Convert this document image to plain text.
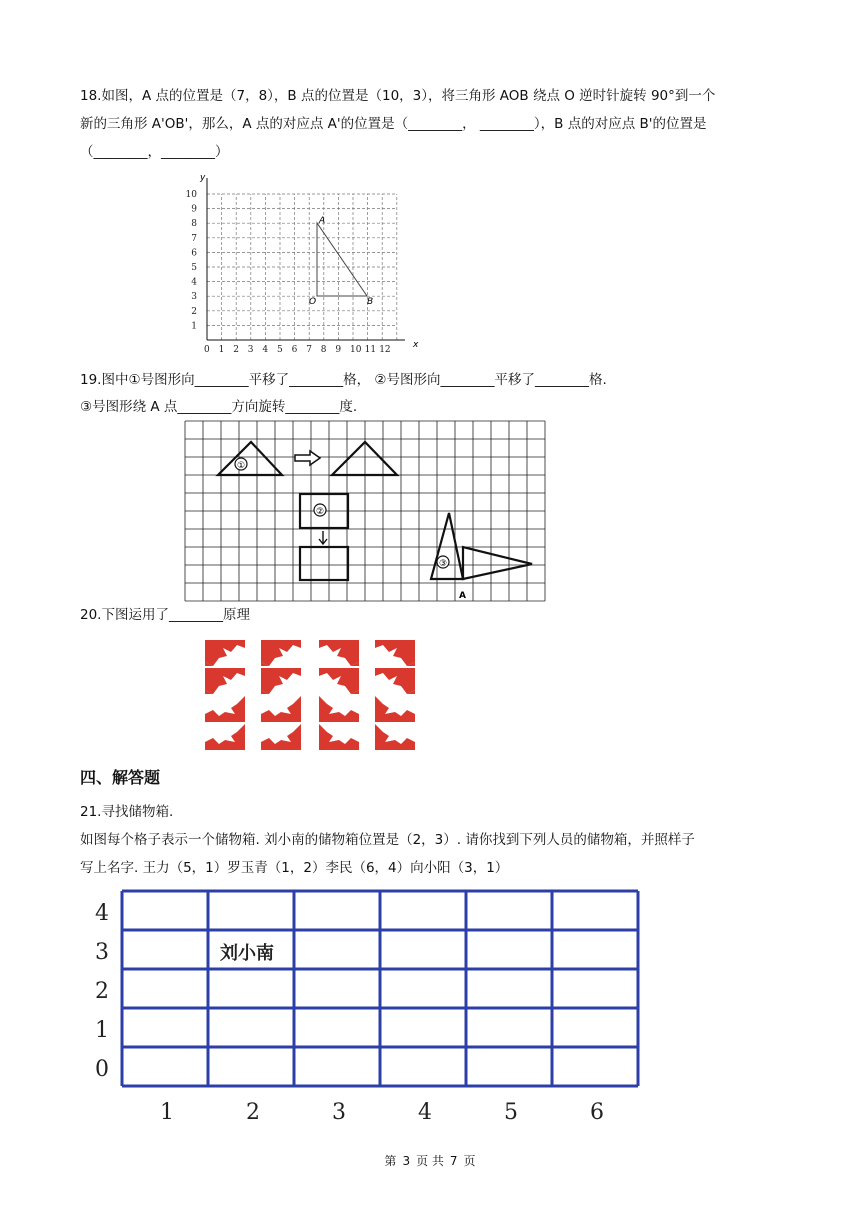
18.如图，A 点的位置是（7，8），B 点的位置是（10，3），将三角形 AOB 绕点 O 逆时针旋转 90°到一个
新的三角形 A'OB'，那么，A 点的对应点 A'的位置是（________， ________），B 点的对应点 B'的位置是
（________，________）
0 1 2 3 4 5 6 7 8 9 10 11 12
1
2
3
4
5
6
7
8
9
10
x
y
A
O	B
19.图中①号图形向________平移了________格， ②号图形向________平移了________格.
③号图形绕 A 点________方向旋转________度.
①
②
③
A
20.下图运用了________原理
四、解答题
21.寻找储物箱.
如图每个格子表示一个储物箱. 刘小南的储物箱位置是（2，3）. 请你找到下列人员的储物箱，并照样子
写上名字. 王力（5，1）罗玉青（1，2）李民（6，4）向小阳（3，1）
4
3
2
1
0
1	2	3	4	5	6
刘小南
第 3 页 共 7 页
